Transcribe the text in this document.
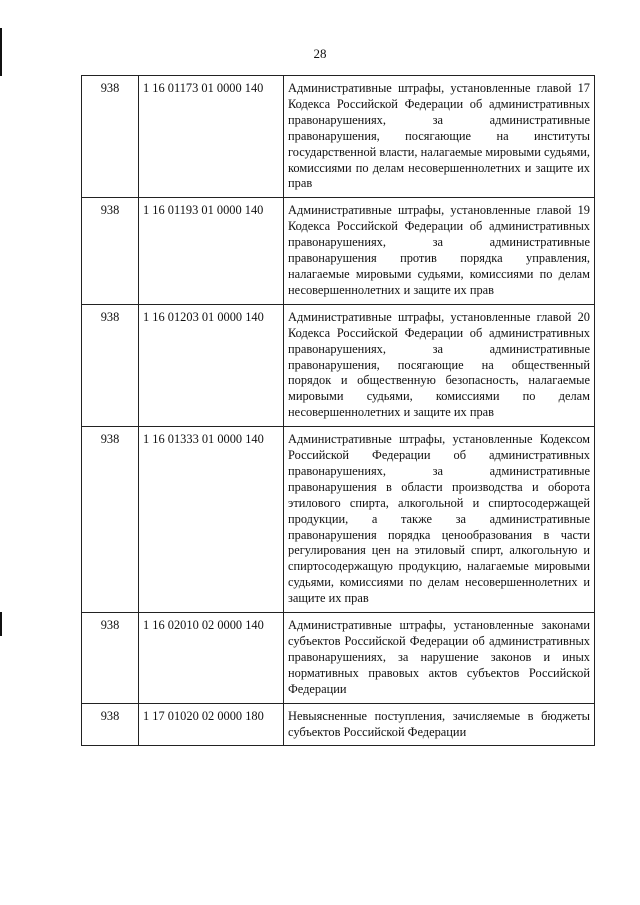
28
938	1 16 01173 01 0000 140	Административные штрафы, установленные главой 17 Кодекса Российской Федерации об административных правонарушениях, за административные правонарушения, посягающие на институты государственной власти, налагаемые мировыми судьями, комиссиями по делам несовершеннолетних и защите их прав
938	1 16 01193 01 0000 140	Административные штрафы, установленные главой 19 Кодекса Российской Федерации об административных правонарушениях, за административные правонарушения против порядка управления, налагаемые мировыми судьями, комиссиями по делам несовершеннолетних и защите их прав
938	1 16 01203 01 0000 140	Административные штрафы, установленные главой 20 Кодекса Российской Федерации об административных правонарушениях, за административные правонарушения, посягающие на общественный порядок и общественную безопасность, налагаемые мировыми судьями, комиссиями по делам несовершеннолетних и защите их прав
938	1 16 01333 01 0000 140	Административные штрафы, установленные Кодексом Российской Федерации об административных правонарушениях, за административные правонарушения в области производства и оборота этилового спирта, алкогольной и спиртосодержащей продукции, а также за административные правонарушения порядка ценообразования в части регулирования цен на этиловый спирт, алкогольную и спиртосодержащую продукцию, налагаемые мировыми судьями, комиссиями по делам несовершеннолетних и защите их прав
938	1 16 02010 02 0000 140	Административные штрафы, установленные законами субъектов Российской Федерации об административных правонарушениях, за нарушение законов и иных нормативных правовых актов субъектов Российской Федерации
938	1 17 01020 02 0000 180	Невыясненные поступления, зачисляемые в бюджеты субъектов Российской Федерации
